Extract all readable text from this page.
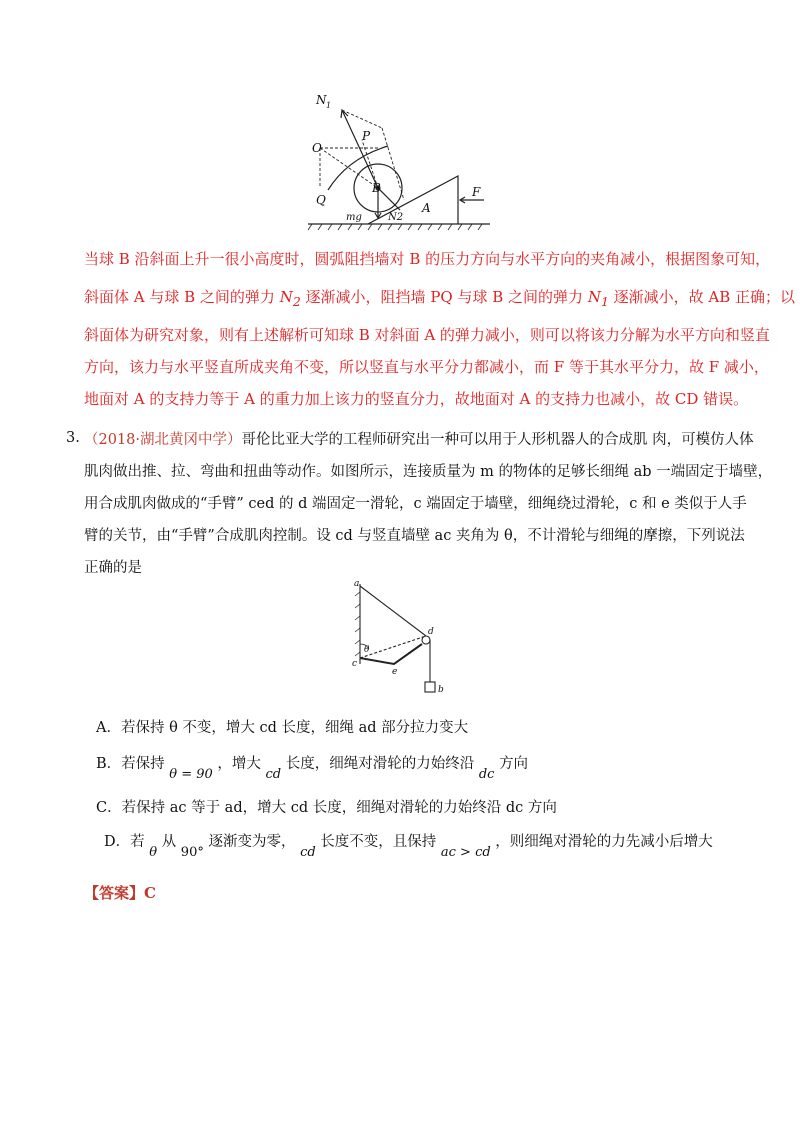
N 1
O
P
Q
B
mg	N2
A
F
当球 B 沿斜面上升一很小高度时，圆弧阻挡墙对 B 的压力方向与水平方向的夹角减小，根据图象可知，
斜面体 A 与球 B 之间的弹力 $N_2$ 逐渐减小，阻挡墙 PQ 与球 B 之间的弹力 $N_1$ 逐渐减小，故 AB 正确；以
斜面体为研究对象，则有上述解析可知球 B 对斜面 A 的弹力减小，则可以将该力分解为水平方向和竖直
方向，该力与水平竖直所成夹角不变，所以竖直与水平分力都减小，而 F 等于其水平分力，故 F 减小，
地面对 A 的支持力等于 A 的重力加上该力的竖直分力，故地面对 A 的支持力也减小，故 CD 错误。
3. （2018·湖北黄冈中学）哥伦比亚大学的工程师研究出一种可以用于人形机器人的合成肌 肉，可模仿人体
肌肉做出推、拉、弯曲和扭曲等动作。如图所示，连接质量为 m 的物体的足够长细绳 ab 一端固定于墙壁，
用合成肌肉做成的“手臂” ced 的 d 端固定一滑轮，c 端固定于墙壁，细绳绕过滑轮，c 和 e 类似于人手
臂的关节，由“手臂”合成肌肉控制。设 cd 与竖直墙壁 ac 夹角为 θ，不计滑轮与细绳的摩擦，下列说法
正确的是
a
θ
d
c
e
b
A．若保持 θ 不变，增大 cd 长度，细绳 ad 部分拉力变大
B．若保持 θ = 90 ，增大 cd 长度，细绳对滑轮的力始终沿 dc 方向
C．若保持 ac 等于 ad，增大 cd 长度，细绳对滑轮的力始终沿 dc 方向
D．若 θ 从 90° 逐渐变为零， cd 长度不变，且保持 ac > cd ，则细绳对滑轮的力先减小后增大
【答案】C
